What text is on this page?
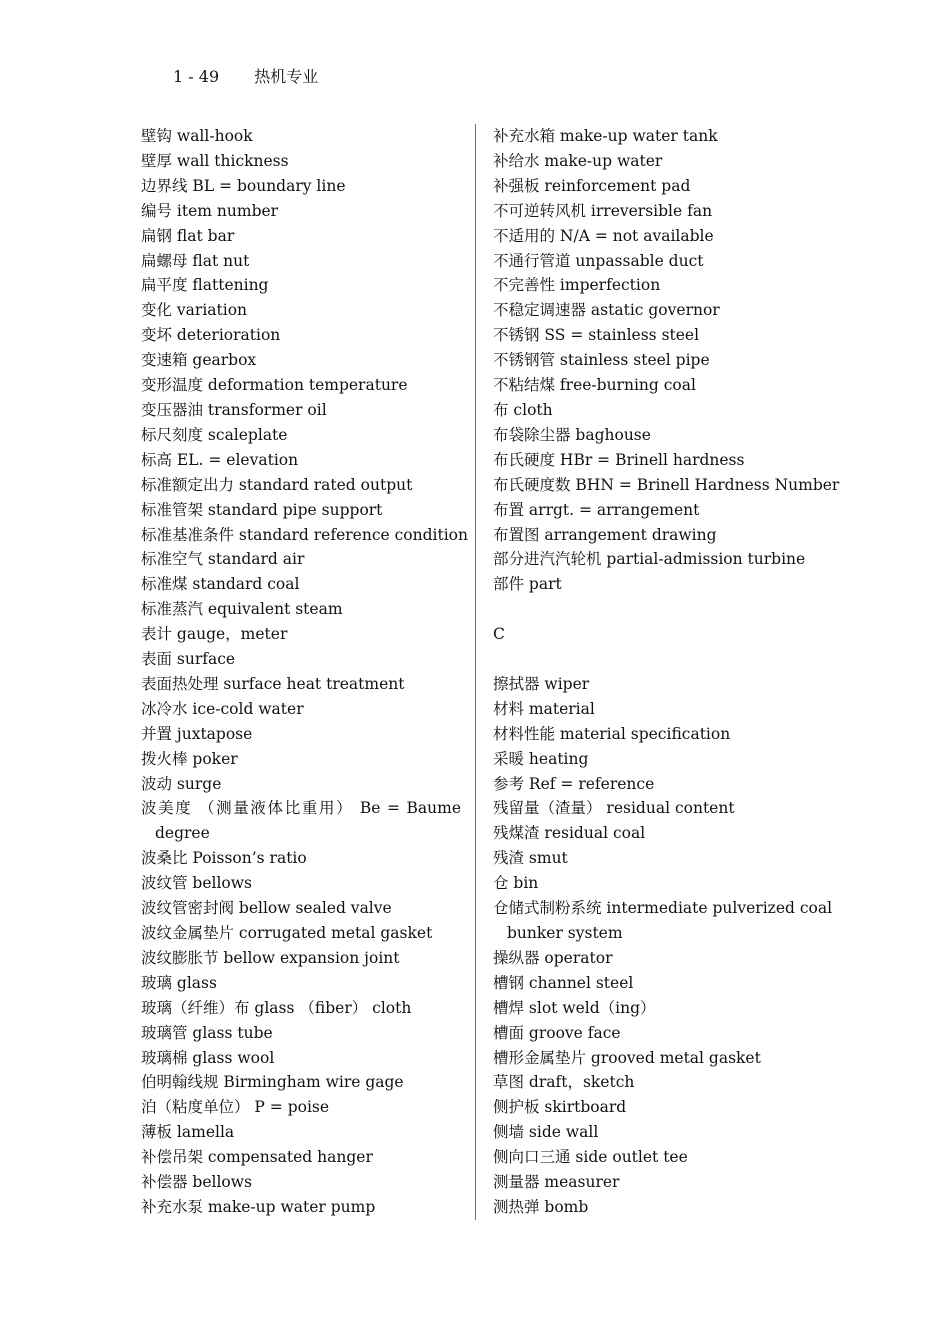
1 - 49 热机专业
壁钩 wall-hook
壁厚 wall thickness
边界线 BL = boundary line
编号 item number
扁钢 flat bar
扁螺母 flat nut
扁平度 flattening
变化 variation
变坏 deterioration
变速箱 gearbox
变形温度 deformation temperature
变压器油 transformer oil
标尺刻度 scaleplate
标高 EL. = elevation
标准额定出力 standard rated output
标准管架 standard pipe support
标准基准条件 standard reference condition
标准空气 standard air
标准煤 standard coal
标准蒸汽 equivalent steam
表计 gauge，meter
表面 surface
表面热处理 surface heat treatment
冰冷水 ice-cold water
并置 juxtapose
拨火棒 poker
波动 surge
波美度 （测量液体比重用） Be = Baume
degree
波桑比 Poisson’s ratio
波纹管 bellows
波纹管密封阀 bellow sealed valve
波纹金属垫片 corrugated metal gasket
波纹膨胀节 bellow expansion joint
玻璃 glass
玻璃（纤维）布 glass （fiber） cloth
玻璃管 glass tube
玻璃棉 glass wool
伯明翰线规 Birmingham wire gage
泊（粘度单位） P = poise
薄板 lamella
补偿吊架 compensated hanger
补偿器 bellows
补充水泵 make-up water pump
补充水箱 make-up water tank
补给水 make-up water
补强板 reinforcement pad
不可逆转风机 irreversible fan
不适用的 N/A = not available
不通行管道 unpassable duct
不完善性 imperfection
不稳定调速器 astatic governor
不锈钢 SS = stainless steel
不锈钢管 stainless steel pipe
不粘结煤 free-burning coal
布 cloth
布袋除尘器 baghouse
布氏硬度 HBr = Brinell hardness
布氏硬度数 BHN = Brinell Hardness Number
布置 arrgt. = arrangement
布置图 arrangement drawing
部分进汽汽轮机 partial-admission turbine
部件 part
C
擦拭器 wiper
材料 material
材料性能 material specification
采暖 heating
参考 Ref = reference
残留量（渣量） residual content
残煤渣 residual coal
残渣 smut
仓 bin
仓储式制粉系统 intermediate pulverized coal
bunker system
操纵器 operator
槽钢 channel steel
槽焊 slot weld（ing）
槽面 groove face
槽形金属垫片 grooved metal gasket
草图 draft，sketch
侧护板 skirtboard
侧墙 side wall
侧向口三通 side outlet tee
测量器 measurer
测热弹 bomb
